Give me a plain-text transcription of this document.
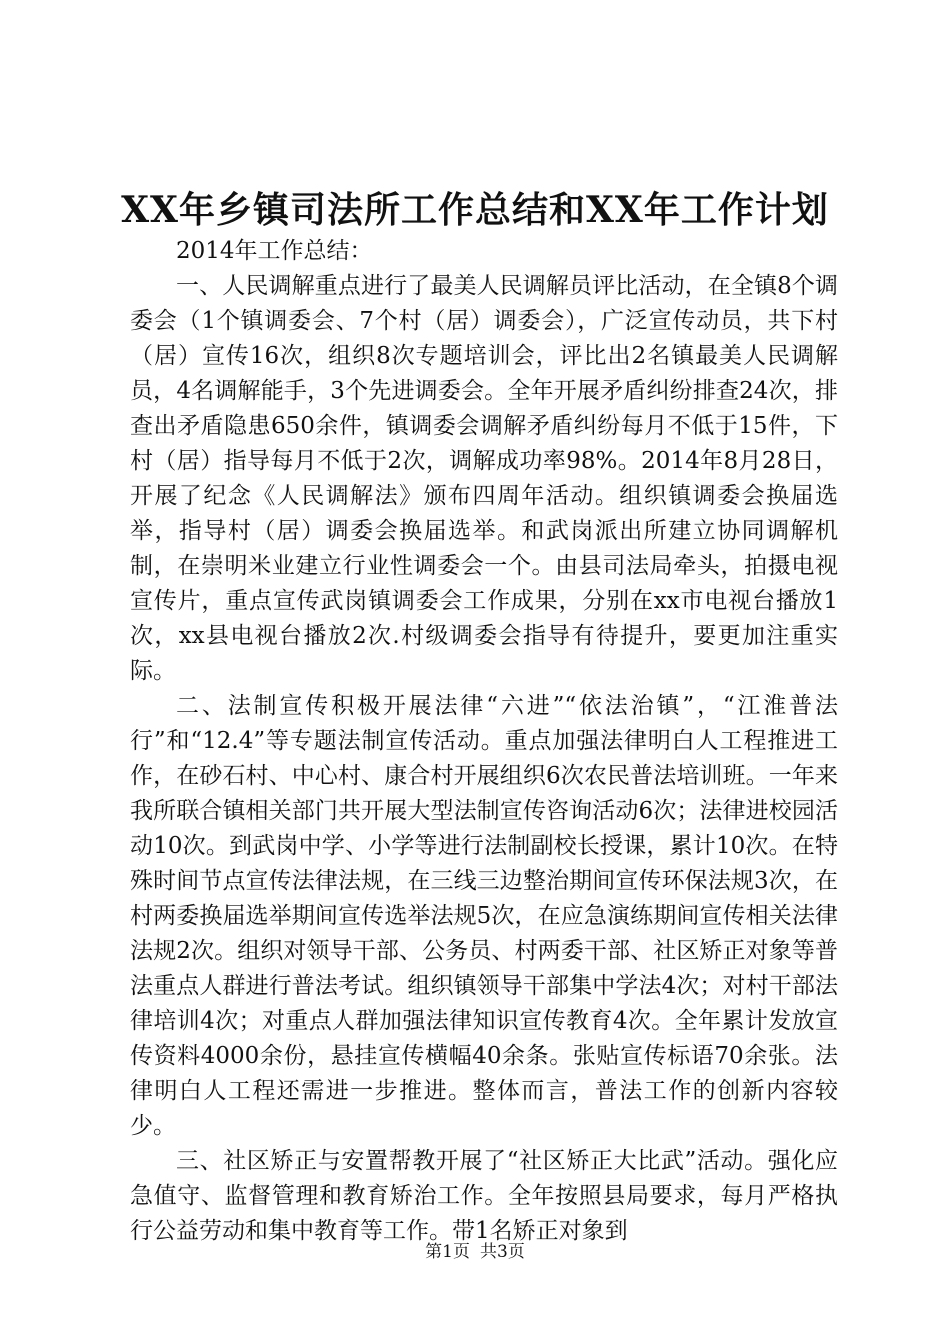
XX年乡镇司法所工作总结和XX年工作计划

2014年工作总结：

一、人民调解重点进行了最美人民调解员评比活动，在全镇8个调委会（1个镇调委会、7个村（居）调委会），广泛宣传动员，共下村（居）宣传16次，组织8次专题培训会，评比出2名镇最美人民调解员，4名调解能手，3个先进调委会。全年开展矛盾纠纷排查24次，排查出矛盾隐患650余件，镇调委会调解矛盾纠纷每月不低于15件，下村（居）指导每月不低于2次，调解成功率98%。2014年8月28日，开展了纪念《人民调解法》颁布四周年活动。组织镇调委会换届选举，指导村（居）调委会换届选举。和武岗派出所建立协同调解机制，在崇明米业建立行业性调委会一个。由县司法局牵头，拍摄电视宣传片，重点宣传武岗镇调委会工作成果，分别在xx市电视台播放1次，xx县电视台播放2次.村级调委会指导有待提升，要更加注重实际。

二、法制宣传积极开展法律“六进”“依法治镇”，“江淮普法行”和“12.4”等专题法制宣传活动。重点加强法律明白人工程推进工作，在砂石村、中心村、康合村开展组织6次农民普法培训班。一年来我所联合镇相关部门共开展大型法制宣传咨询活动6次；法律进校园活动10次。到武岗中学、小学等进行法制副校长授课，累计10次。在特殊时间节点宣传法律法规，在三线三边整治期间宣传环保法规3次，在村两委换届选举期间宣传选举法规5次，在应急演练期间宣传相关法律法规2次。组织对领导干部、公务员、村两委干部、社区矫正对象等普法重点人群进行普法考试。组织镇领导干部集中学法4次；对村干部法律培训4次；对重点人群加强法律知识宣传教育4次。全年累计发放宣传资料4000余份，悬挂宣传横幅40余条。张贴宣传标语70余张。法律明白人工程还需进一步推进。整体而言，普法工作的创新内容较少。

三、社区矫正与安置帮教开展了“社区矫正大比武”活动。强化应急值守、监督管理和教育矫治工作。全年按照县局要求，每月严格执行公益劳动和集中教育等工作。带1名矫正对象到

第1页 共3页
